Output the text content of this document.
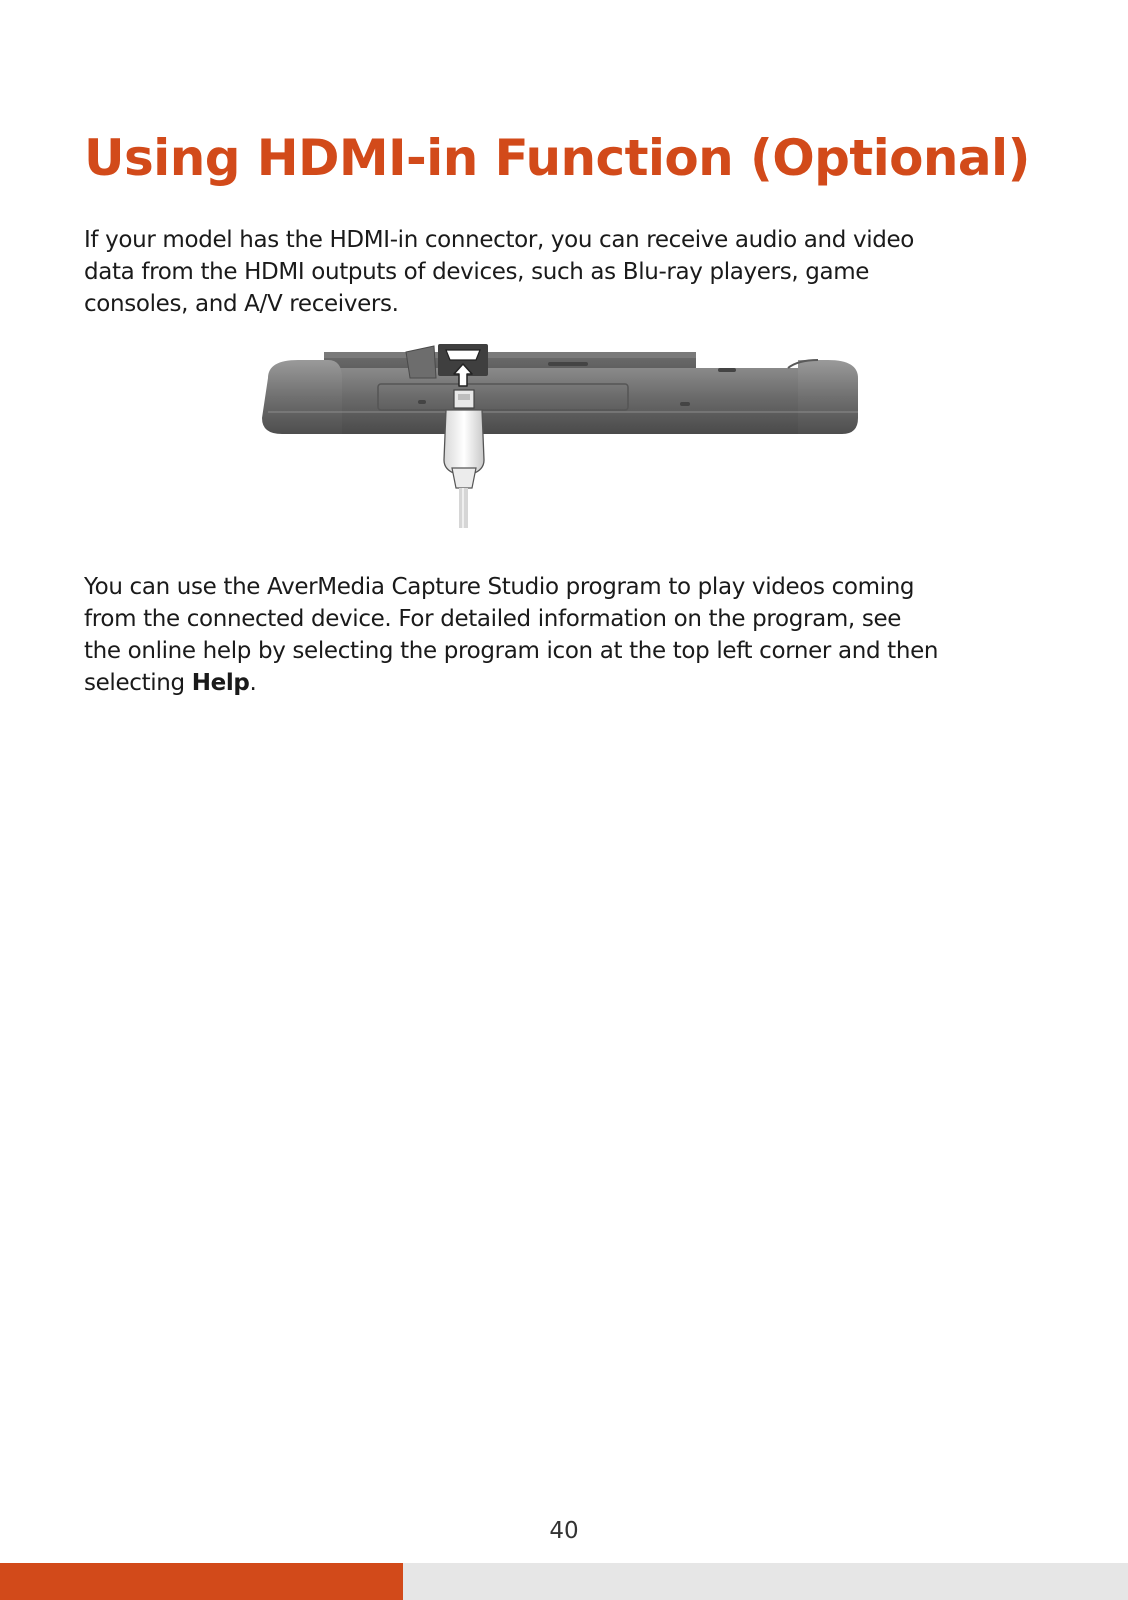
Using HDMI-in Function (Optional)

If your model has the HDMI-in connector, you can receive audio and video
data from the HDMI outputs of devices, such as Blu-ray players, game
consoles, and A/V receivers.

You can use the AverMedia Capture Studio program to play videos coming
from the connected device. For detailed information on the program, see
the online help by selecting the program icon at the top left corner and then
selecting Help.

40
